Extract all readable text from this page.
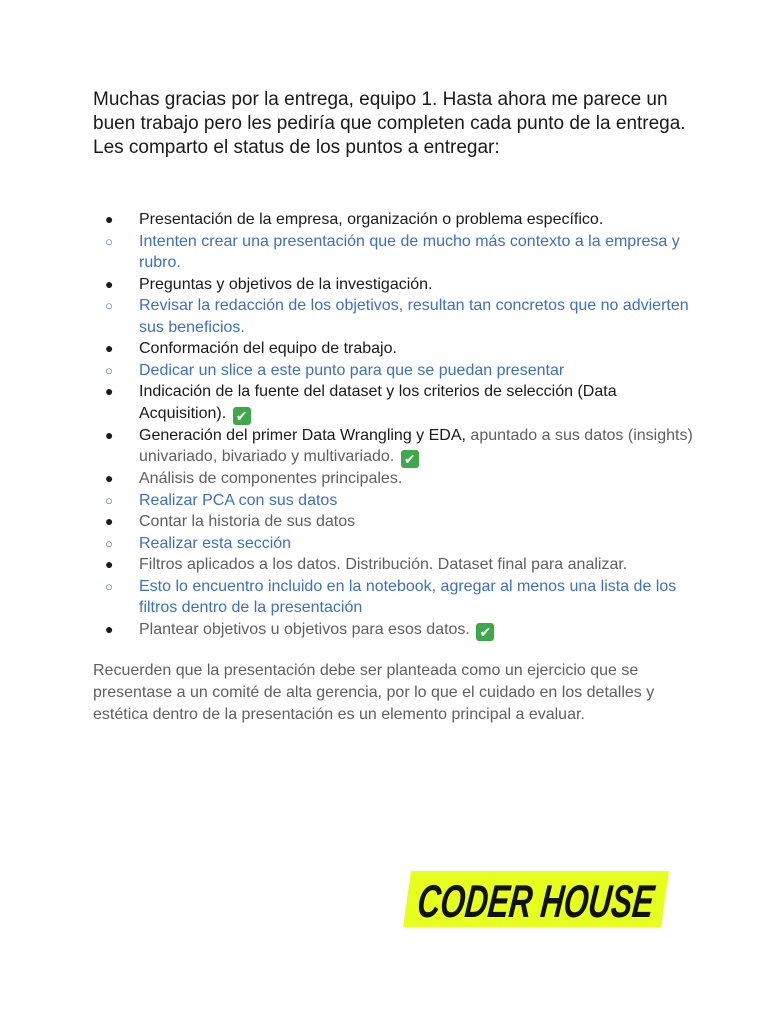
Muchas gracias por la entrega, equipo 1. Hasta ahora me parece un buen trabajo pero les pediría que completen cada punto de la entrega.

Les comparto el status de los puntos a entregar:

● Presentación de la empresa, organización o problema específico.
○ Intenten crear una presentación que de mucho más contexto a la empresa y rubro.
● Preguntas y objetivos de la investigación.
○ Revisar la redacción de los objetivos, resultan tan concretos que no advierten sus beneficios.
● Conformación del equipo de trabajo.
○ Dedicar un slice a este punto para que se puedan presentar
● Indicación de la fuente del dataset y los criterios de selección (Data Acquisition). ✔
● Generación del primer Data Wrangling y EDA, apuntado a sus datos (insights) univariado, bivariado y multivariado. ✔
● Análisis de componentes principales.
○ Realizar PCA con sus datos
● Contar la historia de sus datos
○ Realizar esta sección
● Filtros aplicados a los datos. Distribución. Dataset final para analizar.
○ Esto lo encuentro incluido en la notebook, agregar al menos una lista de los filtros dentro de la presentación
● Plantear objetivos u objetivos para esos datos. ✔

Recuerden que la presentación debe ser planteada como un ejercicio que se presentase a un comité de alta gerencia, por lo que el cuidado en los detalles y estética dentro de la presentación es un elemento principal a evaluar.

CODER HOUSE
